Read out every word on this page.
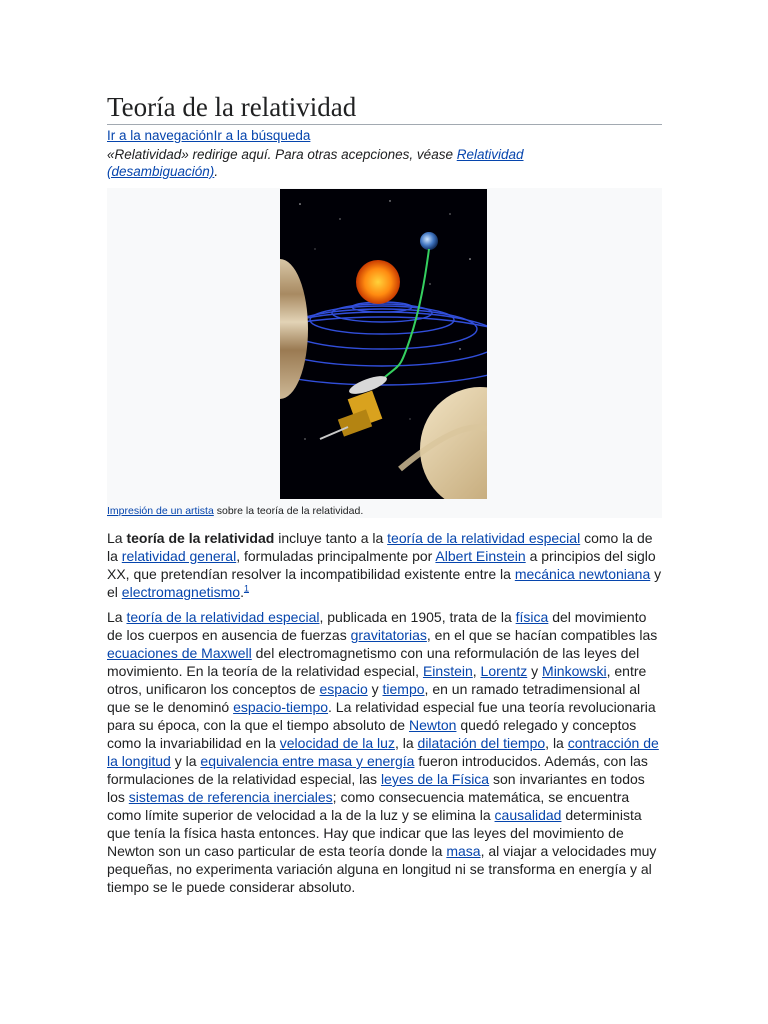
Teoría de la relatividad
Ir a la navegaciónIr a la búsqueda
«Relatividad» redirige aquí. Para otras acepciones, véase Relatividad (desambiguación).
Impresión de un artista sobre la teoría de la relatividad.

La teoría de la relatividad incluye tanto a la teoría de la relatividad especial como la de la relatividad general, formuladas principalmente por Albert Einstein a principios del siglo XX, que pretendían resolver la incompatibilidad existente entre la mecánica newtoniana y el electromagnetismo.$^1$

La teoría de la relatividad especial, publicada en 1905, trata de la física del movimiento de los cuerpos en ausencia de fuerzas gravitatorias, en el que se hacían compatibles las ecuaciones de Maxwell del electromagnetismo con una reformulación de las leyes del movimiento. En la teoría de la relatividad especial, Einstein, Lorentz y Minkowski, entre otros, unificaron los conceptos de espacio y tiempo, en un ramado tetradimensional al que se le denominó espacio-tiempo. La relatividad especial fue una teoría revolucionaria para su época, con la que el tiempo absoluto de Newton quedó relegado y conceptos como la invariabilidad en la velocidad de la luz, la dilatación del tiempo, la contracción de la longitud y la equivalencia entre masa y energía fueron introducidos. Además, con las formulaciones de la relatividad especial, las leyes de la Física son invariantes en todos los sistemas de referencia inerciales; como consecuencia matemática, se encuentra como límite superior de velocidad a la de la luz y se elimina la causalidad determinista que tenía la física hasta entonces. Hay que indicar que las leyes del movimiento de Newton son un caso particular de esta teoría donde la masa, al viajar a velocidades muy pequeñas, no experimenta variación alguna en longitud ni se transforma en energía y al tiempo se le puede considerar absoluto.
